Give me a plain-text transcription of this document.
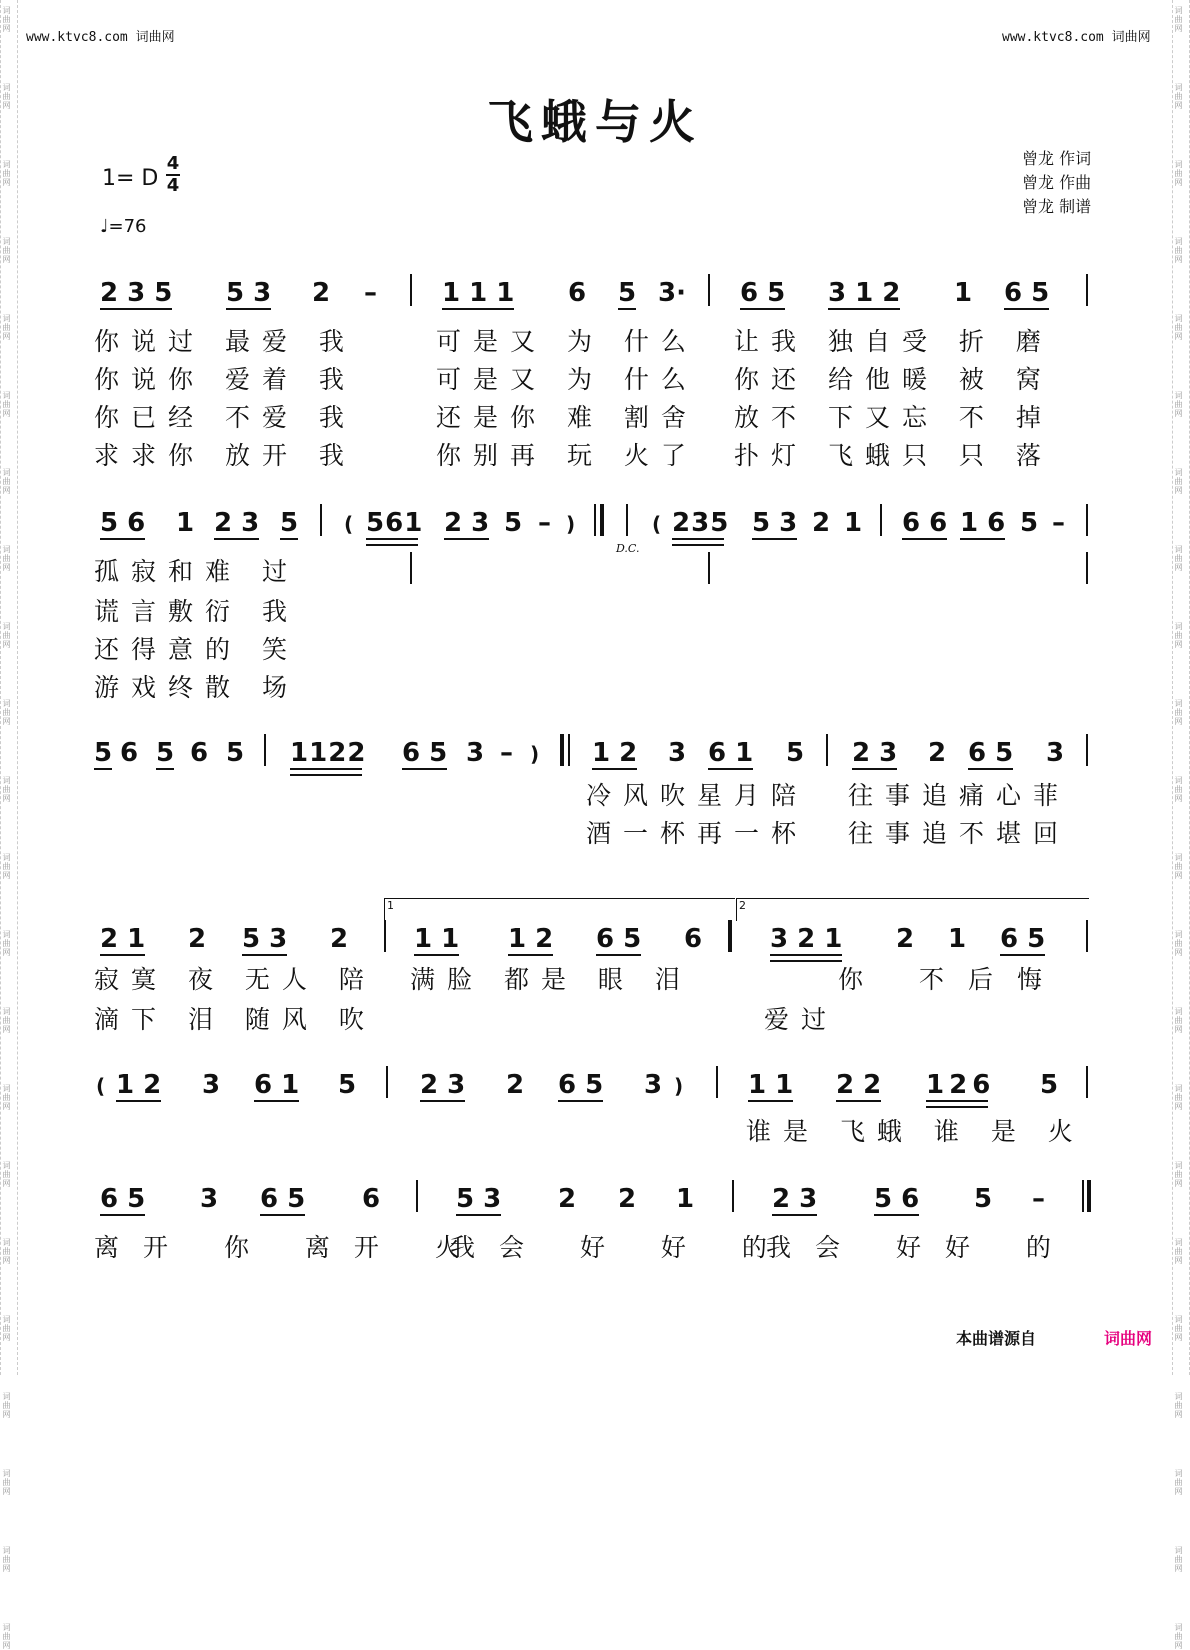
词曲网
词曲网
词曲网
词曲网
词曲网
词曲网
词曲网
词曲网
词曲网
词曲网
词曲网
词曲网
词曲网
词曲网
词曲网
词曲网
词曲网
词曲网
词曲网
词曲网
词曲网
词曲网
词曲网
词曲网
词曲网
词曲网
词曲网
词曲网
词曲网
词曲网
词曲网
词曲网
词曲网
词曲网
词曲网
词曲网
词曲网
词曲网
词曲网
词曲网
词曲网
词曲网
词曲网
词曲网
www.ktvc8.com 词曲网	www.ktvc8.com 词曲网
飞蛾与火
1= D
4
4
♩=76
曾龙 作词
曾龙 作曲
曾龙 制谱
2 3 5 5 3 2 –	1 1 1 6 5 3· 6 5 3 1 2 1 6 5
你说过 最爱 我	可是又 为 什么 让我 独自受 折 磨
你说你 爱着 我	可是又 为 什么 你还 给他暖 被 窝
你已经 不爱 我	还是你 难 割舍 放不 下又忘 不 掉
求求你 放开 我	你别再 玩 火了 扑灯 飞蛾只 只 落
5 6 1 2 3 5 ( 5 6 1 2 3 5 – )	( 2 3 5 5 3 2 1 6 6 1 6 5 –
D.C.
孤寂和难 过
谎言敷衍 我
还得意的 笑
游戏终散 场
5 6 5 6 5 1 1 2 2 6 5 3 – ) 1 2 3 6 1 5 2 3 2 6 5 3
冷风吹星月陪 往事追痛心菲
酒一杯再一杯 往事追不堪回
1	2
2 1 2 5 3 2	1 1 1 2 6 5 6	3 2 1 2 1 6 5
寂寞 夜 无人 陪 满脸 都是 眼 泪	你 不后悔
滴下 泪 随风 吹	爱过
( 1 2 3 6 1 5 2 3 2 6 5 3 ) 1 1 2 2 1 2 6 5
谁是 飞蛾 谁 是 火
6 5 3 6 5 6	5 3 2 2 1	2 3 5 6 5 –
离开 你 离开 火
我会 好 好 的
我会 好好 的
本曲谱源自	词曲网
